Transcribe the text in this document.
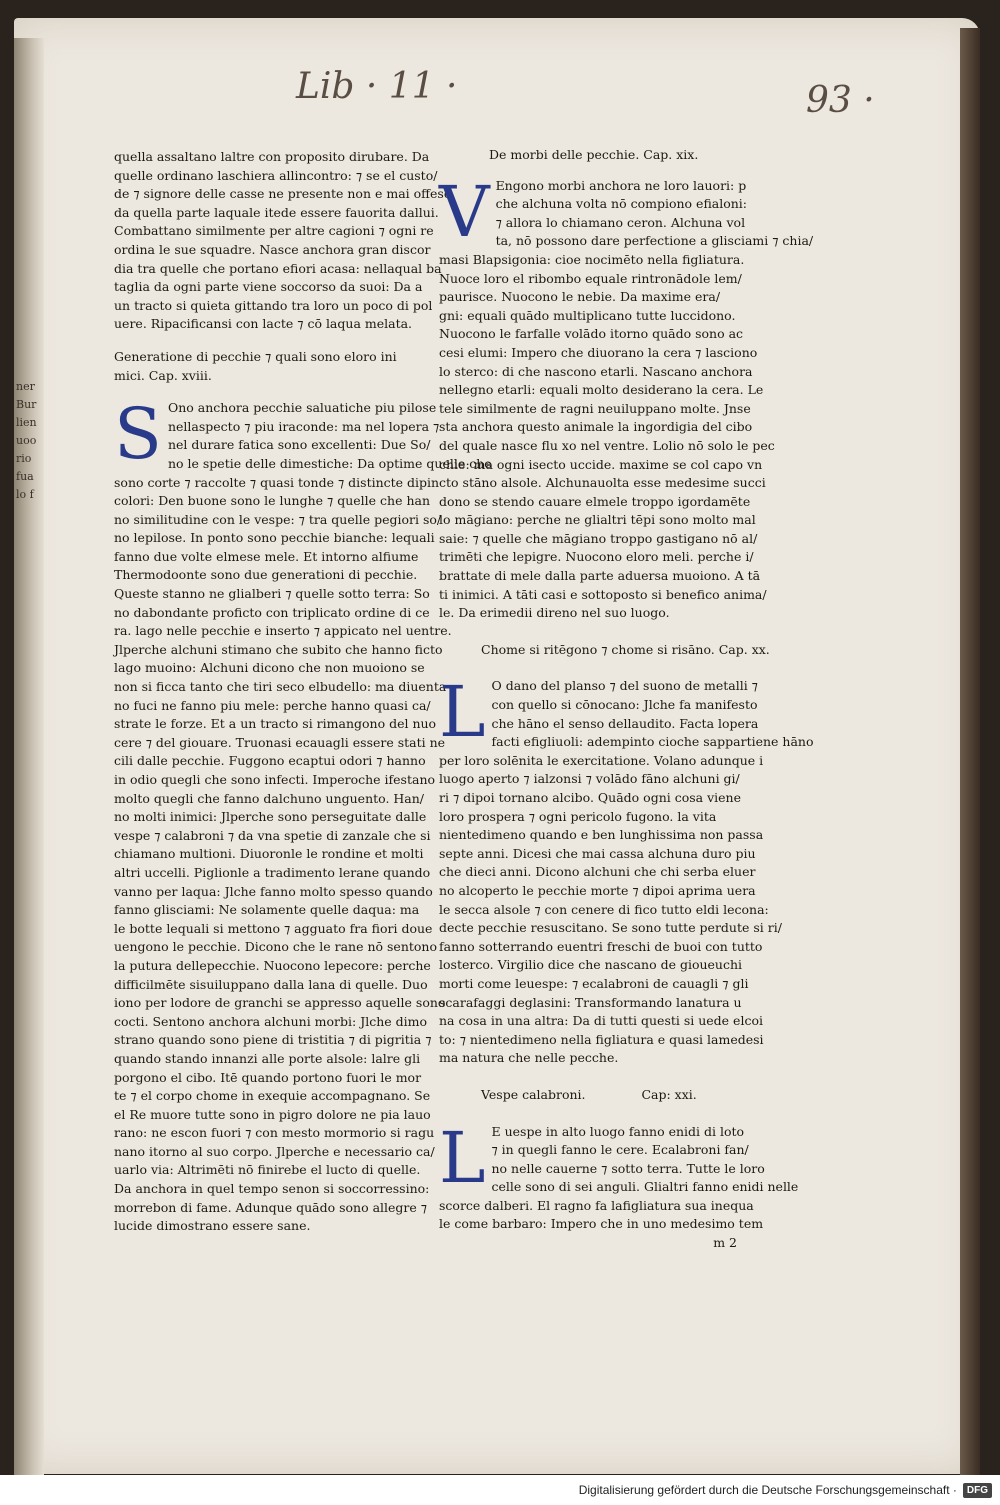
ner
Bur
lien
uoo
rio
fua
lo f
Lib · 11 ·	93 ·
quella assaltano laltre con proposito dirubare. Da
quelle ordinano laschiera allincontro: ⁊ se el custo/
de ⁊ signore delle casse ne presente non e mai offeso
da quella parte laquale itede essere fauorita dallui.
Combattano similmente per altre cagioni ⁊ ogni re
ordina le sue squadre. Nasce anchora gran discor
dia tra quelle che portano efiori acasa: nellaqual ba
taglia da ogni parte viene soccorso da suoi: Da a
un tracto si quieta gittando tra loro un poco di pol
uere. Ripacificansi con lacte ⁊ cō laqua melata.
Generatione di pecchie ⁊ quali sono eloro ini
mici. Cap. xviii.
S Ono anchora pecchie saluatiche piu pilose
nellaspecto ⁊ piu iraconde: ma nel lopera ⁊
nel durare fatica sono excellenti: Due So/
no le spetie delle dimestiche: Da optime quelle che
sono corte ⁊ raccolte ⁊ quasi tonde ⁊ distincte dipin
colori: Den buone sono le lunghe ⁊ quelle che han
no similitudine con le vespe: ⁊ tra quelle pegiori so/
no lepilose. In ponto sono pecchie bianche: lequali
fanno due volte elmese mele. Et intorno alfiume
Thermodoonte sono due generationi di pecchie.
Queste stanno ne glialberi ⁊ quelle sotto terra: So
no dabondante proficto con triplicato ordine di ce
ra. lago nelle pecchie e inserto ⁊ appicato nel uentre.
Jlperche alchuni stimano che subito che hanno ficto
lago muoino: Alchuni dicono che non muoiono se
non si ficca tanto che tiri seco elbudello: ma diuenta
no fuci ne fanno piu mele: perche hanno quasi ca/
strate le forze. Et a un tracto si rimangono del nuo
cere ⁊ del giouare. Truonasi ecauagli essere stati ne
cili dalle pecchie. Fuggono ecaptui odori ⁊ hanno
in odio quegli che sono infecti. Imperoche ifestano
molto quegli che fanno dalchuno unguento. Han/
no molti inimici: Jlperche sono perseguitate dalle
vespe ⁊ calabroni ⁊ da vna spetie di zanzale che si
chiamano multioni. Diuoronle le rondine et molti
altri uccelli. Piglionle a tradimento lerane quando
vanno per laqua: Jlche fanno molto spesso quando
fanno glisciami: Ne solamente quelle daqua: ma
le botte lequali si mettono ⁊ agguato fra fiori doue
uengono le pecchie. Dicono che le rane nō sentono
la putura dellepecchie. Nuocono lepecore: perche
difficilmēte sisuiluppano dalla lana di quelle. Duo
iono per lodore de granchi se appresso aquelle sono
cocti. Sentono anchora alchuni morbi: Jlche dimo
strano quando sono piene di tristitia ⁊ di pigritia ⁊
quando stando innanzi alle porte alsole: lalre gli
porgono el cibo. Itē quando portono fuori le mor
te ⁊ el corpo chome in exequie accompagnano. Se
el Re muore tutte sono in pigro dolore ne pia lauo
rano: ne escon fuori ⁊ con mesto mormorio si ragu
nano itorno al suo corpo. Jlperche e necessario ca/
uarlo via: Altrimēti nō finirebe el lucto di quelle.
Da anchora in quel tempo senon si soccorressino:
morrebon di fame. Adunque quādo sono allegre ⁊
lucide dimostrano essere sane.
De morbi delle pecchie. Cap. xix.
V Engono morbi anchora ne loro lauori: p
che alchuna volta nō compiono efialoni:
⁊ allora lo chiamano ceron. Alchuna vol
ta, nō possono dare perfectione a glisciami ⁊ chia/
masi Blapsigonia: cioe nocimēto nella figliatura.
Nuoce loro el ribombo equale rintronādole lem/
paurisce. Nuocono le nebie. Da maxime era/
gni: equali quādo multiplicano tutte luccidono.
Nuocono le farfalle volādo itorno quādo sono ac
cesi elumi: Impero che diuorano la cera ⁊ lasciono
lo sterco: di che nascono etarli. Nascano anchora
nellegno etarli: equali molto desiderano la cera. Le
tele similmente de ragni neuiluppano molte. Jnse
sta anchora questo animale la ingordigia del cibo
del quale nasce flu xo nel ventre. Lolio nō solo le pec
chie: ma ogni isecto uccide. maxime se col capo vn
cto stāno alsole. Alchunauolta esse medesime succi
dono se stendo cauare elmele troppo igordamēte
lo māgiano: perche ne glialtri tēpi sono molto mal
saie: ⁊ quelle che māgiano troppo gastigano nō al/
trimēti che lepigre. Nuocono eloro meli. perche i/
brattate di mele dalla parte aduersa muoiono. A tā
ti inimici. A tāti casi e sottoposto si benefico anima/
le. Da erimedii direno nel suo luogo.
Chome si ritēgono ⁊ chome si risāno. Cap. xx.
L O dano del planso ⁊ del suono de metalli ⁊
con quello si cōnocano: Jlche fa manifesto
che hāno el senso dellaudito. Facta lopera
facti efigliuoli: adempinto cioche sappartiene hāno
per loro solēnita le exercitatione. Volano adunque i
luogo aperto ⁊ ialzonsi ⁊ volādo fāno alchuni gi/
ri ⁊ dipoi tornano alcibo. Quādo ogni cosa viene
loro prospera ⁊ ogni pericolo fugono. la vita
nientedimeno quando e ben lunghissima non passa
septe anni. Dicesi che mai cassa alchuna duro piu
che dieci anni. Dicono alchuni che chi serba eluer
no alcoperto le pecchie morte ⁊ dipoi aprima uera
le secca alsole ⁊ con cenere di fico tutto eldi lecona:
decte pecchie resuscitano. Se sono tutte perdute si ri/
fanno sotterrando euentri freschi de buoi con tutto
losterco. Virgilio dice che nascano de gioueuchi
morti come leuespe: ⁊ ecalabroni de cauagli ⁊ gli
scarafaggi deglasini: Transformando lanatura u
na cosa in una altra: Da di tutti questi si uede elcoi
to: ⁊ nientedimeno nella figliatura e quasi lamedesi
ma natura che nelle pecche.
Vespe calabroni.	Cap: xxi.
L E uespe in alto luogo fanno enidi di loto
⁊ in quegli fanno le cere. Ecalabroni fan/
no nelle cauerne ⁊ sotto terra. Tutte le loro
celle sono di sei anguli. Glialtri fanno enidi nelle
scorce dalberi. El ragno fa lafigliatura sua inequa
le come barbaro: Impero che in uno medesimo tem
m 2
Digitalisierung gefördert durch die Deutsche Forschungsgemeinschaft ·	DFG
